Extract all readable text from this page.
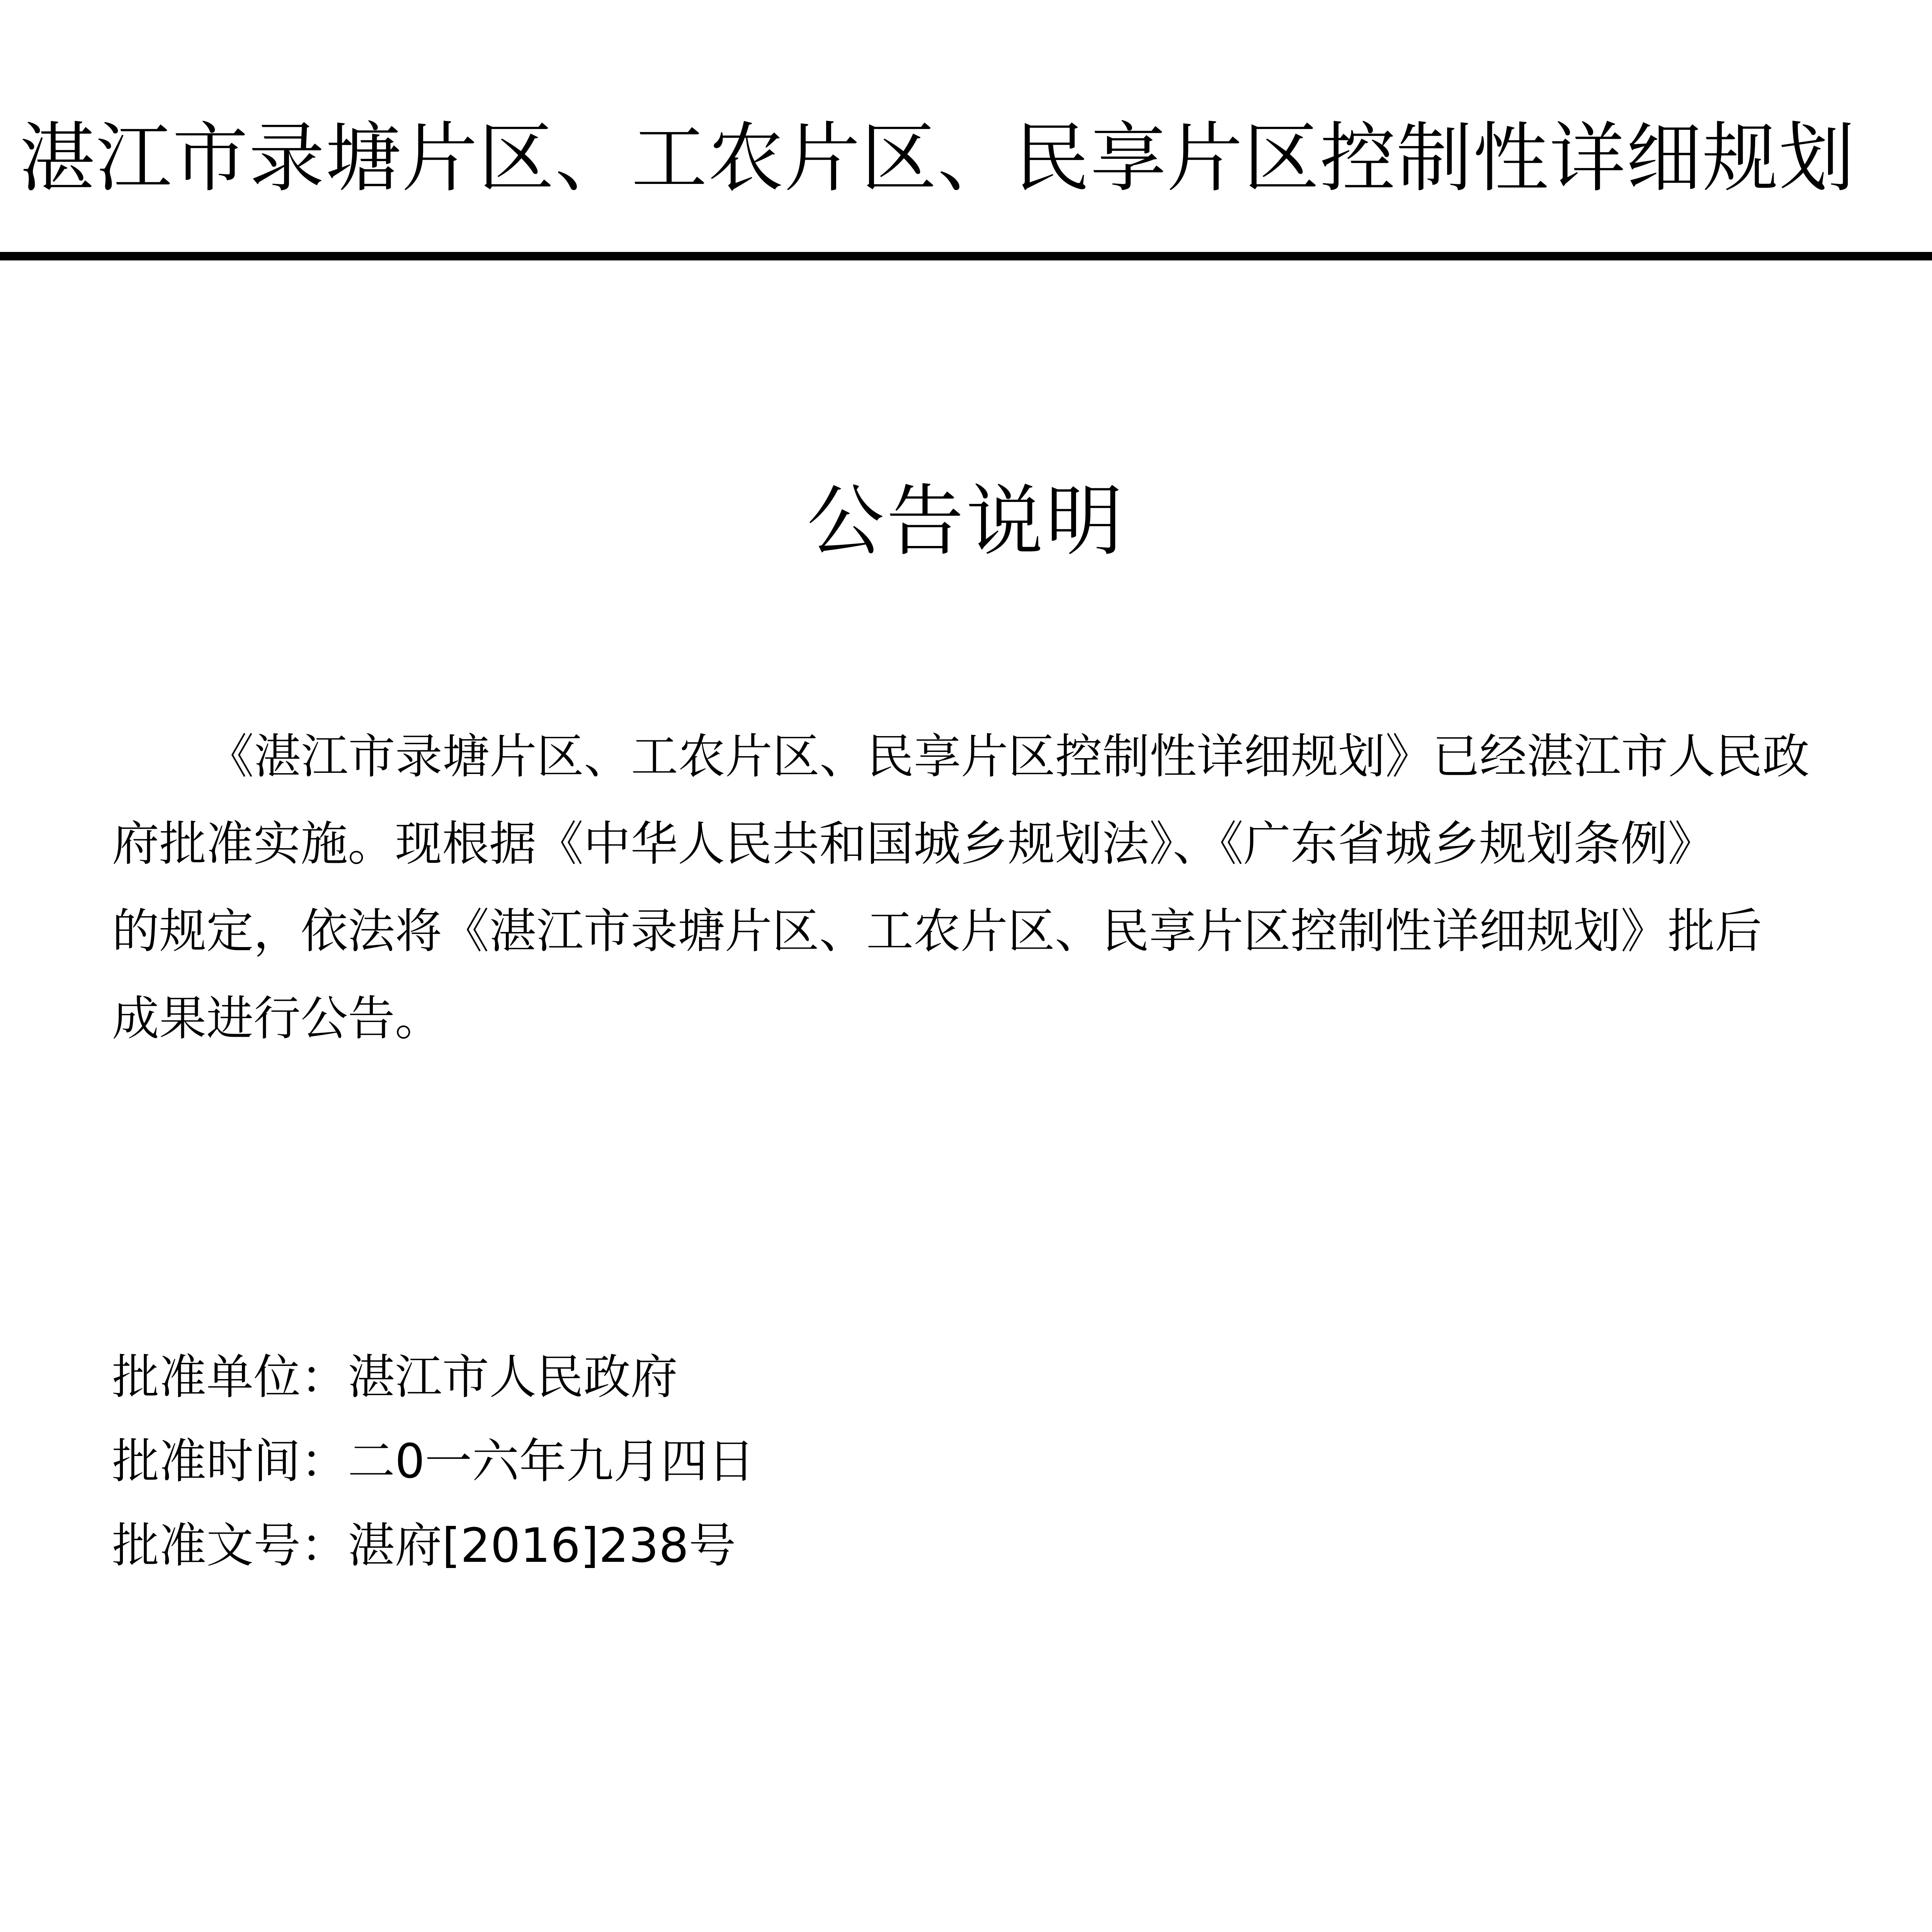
湛江市录塘片区、工农片区、民享片区控制性详细规划
公告说明
《湛江市录塘片区、工农片区、民享片区控制性详细规划》已经湛江市人民政
府批准实施。现根据《中华人民共和国城乡规划法》、《广东省城乡规划条例》
的规定，依法将《湛江市录塘片区、工农片区、民享片区控制性详细规划》批后
成果进行公告。
批准单位：湛江市人民政府
批准时间：二0一六年九月四日
批准文号：湛府[2016]238号
